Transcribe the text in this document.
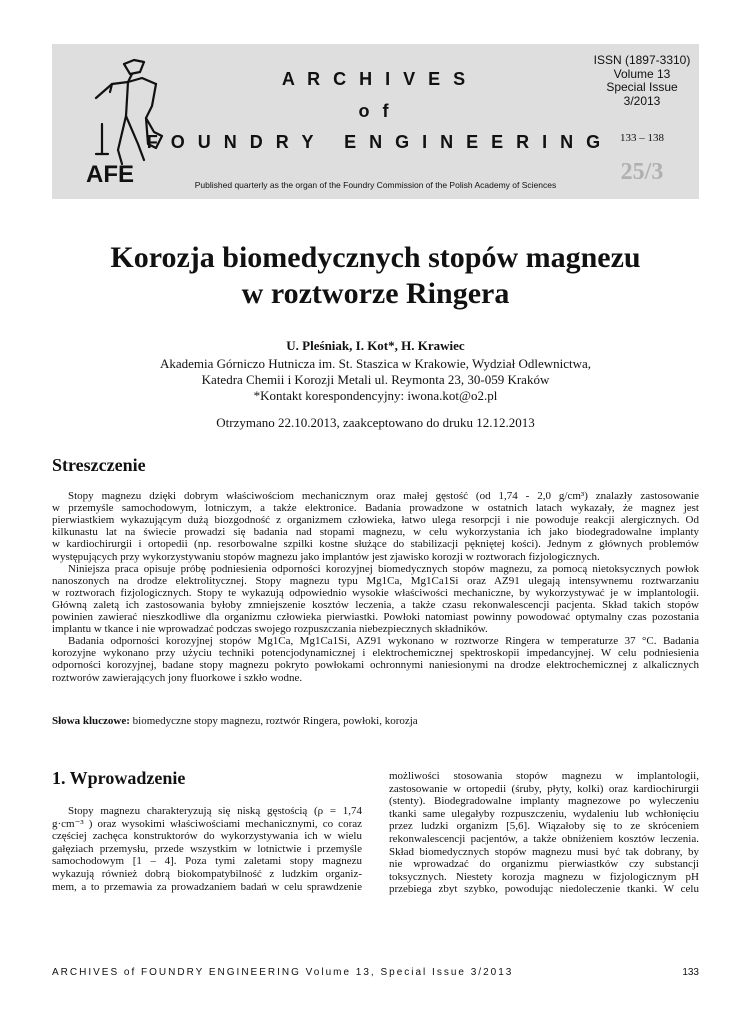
AFE
A R C H I V E S
o f
F O U N D R Y   E N G I N E E R I N G
ISSN (1897-3310)
Volume 13
Special Issue
3/2013
133 – 138
25/3
Published quarterly as the organ of the Foundry Commission of the Polish Academy of Sciences
Korozja biomedycznych stopów magnezu
w roztworze Ringera
U. Pleśniak, I. Kot*, H. Krawiec
Akademia Górniczo Hutnicza im. St. Staszica w Krakowie, Wydział Odlewnictwa,
Katedra Chemii i Korozji Metali ul. Reymonta 23, 30-059 Kraków
*Kontakt korespondencyjny: iwona.kot@o2.pl
Otrzymano 22.10.2013, zaakceptowano do druku 12.12.2013
Streszczenie
Stopy magnezu dzięki dobrym właściwościom mechanicznym oraz małej gęstość (od 1,74 - 2,0 g/cm³) znalazły zastosowanie
w przemyśle samochodowym, lotniczym, a także elektronice. Badania prowadzone w ostatnich latach wykazały, że magnez jest
pierwiastkiem wykazującym dużą biozgodność z organizmem człowieka, łatwo ulega resorpcji i nie powoduje reakcji alergicznych. Od
kilkunastu lat na świecie prowadzi się badania nad stopami magnezu, w celu wykorzystania ich jako biodegradowalne implanty
w kardiochirurgii i ortopedii (np. resorbowalne szpilki kostne służące do stabilizacji pękniętej kości). Jednym z głównych problemów
występujących przy wykorzystywaniu stopów magnezu jako implantów jest zjawisko korozji w roztworach fizjologicznych.
Niniejsza praca opisuje próbę podniesienia odporności korozyjnej biomedycznych stopów magnezu, za pomocą nietoksycznych powłok
nanoszonych na drodze elektrolitycznej. Stopy magnezu typu Mg1Ca, Mg1Ca1Si oraz AZ91 ulegają intensywnemu roztwarzaniu
w roztworach fizjologicznych. Stopy te wykazują odpowiednio wysokie właściwości mechaniczne, by wykorzystywać je w implantologii.
Główną zaletą ich zastosowania byłoby zmniejszenie kosztów leczenia, a także czasu rekonwalescencji pacjenta. Skład takich stopów
powinien zawierać nieszkodliwe dla organizmu człowieka pierwiastki. Powłoki natomiast powinny powodować optymalny czas pozostania
implantu w tkance i nie wprowadzać podczas swojego rozpuszczania niebezpiecznych składników.
Badania odporności korozyjnej stopów Mg1Ca, Mg1Ca1Si, AZ91 wykonano w roztworze Ringera w temperaturze 37 °C. Badania
korozyjne wykonano przy użyciu techniki potencjodynamicznej i elektrochemicznej spektroskopii impedancyjnej. W celu podniesienia
odporności korozyjnej, badane stopy magnezu pokryto powłokami ochronnymi naniesionymi na drodze elektrochemicznej z alkalicznych
roztworów zawierających jony fluorkowe i szkło wodne.
Słowa kluczowe: biomedyczne stopy magnezu, roztwór Ringera, powłoki, korozja
1. Wprowadzenie
Stopy magnezu charakteryzują się niską gęstością (ρ = 1,74
g·cm⁻³ ) oraz wysokimi właściwościami mechanicznymi, co coraz
częściej zachęca konstruktorów do wykorzystywania ich w wielu
gałęziach przemysłu, przede wszystkim w lotnictwie i przemyśle
samochodowym [1 – 4]. Poza tymi zaletami stopy magnezu
wykazują również dobrą biokompatybilność z ludzkim organiz-
mem, a to przemawia za prowadzaniem badań w celu sprawdzenie
możliwości stosowania stopów magnezu w implantologii,
zastosowanie w ortopedii (śruby, płyty, kolki) oraz kardiochirurgii
(stenty). Biodegradowalne implanty magnezowe po wyleczeniu
tkanki same ulegałyby rozpuszczeniu, wydaleniu lub wchłonięciu
przez ludzki organizm [5,6]. Wiązałoby się to ze skróceniem
rekonwalescencji pacjentów, a także obniżeniem kosztów leczenia.
Skład biomedycznych stopów magnezu musi być tak dobrany, by
nie wprowadzać do organizmu pierwiastków czy substancji
toksycznych. Niestety korozja magnezu w fizjologicznym pH
przebiega zbyt szybko, powodując niedoleczenie tkanki. W celu
ARCHIVES of FOUNDRY ENGINEERING Volume 13, Special Issue 3/2013	133
